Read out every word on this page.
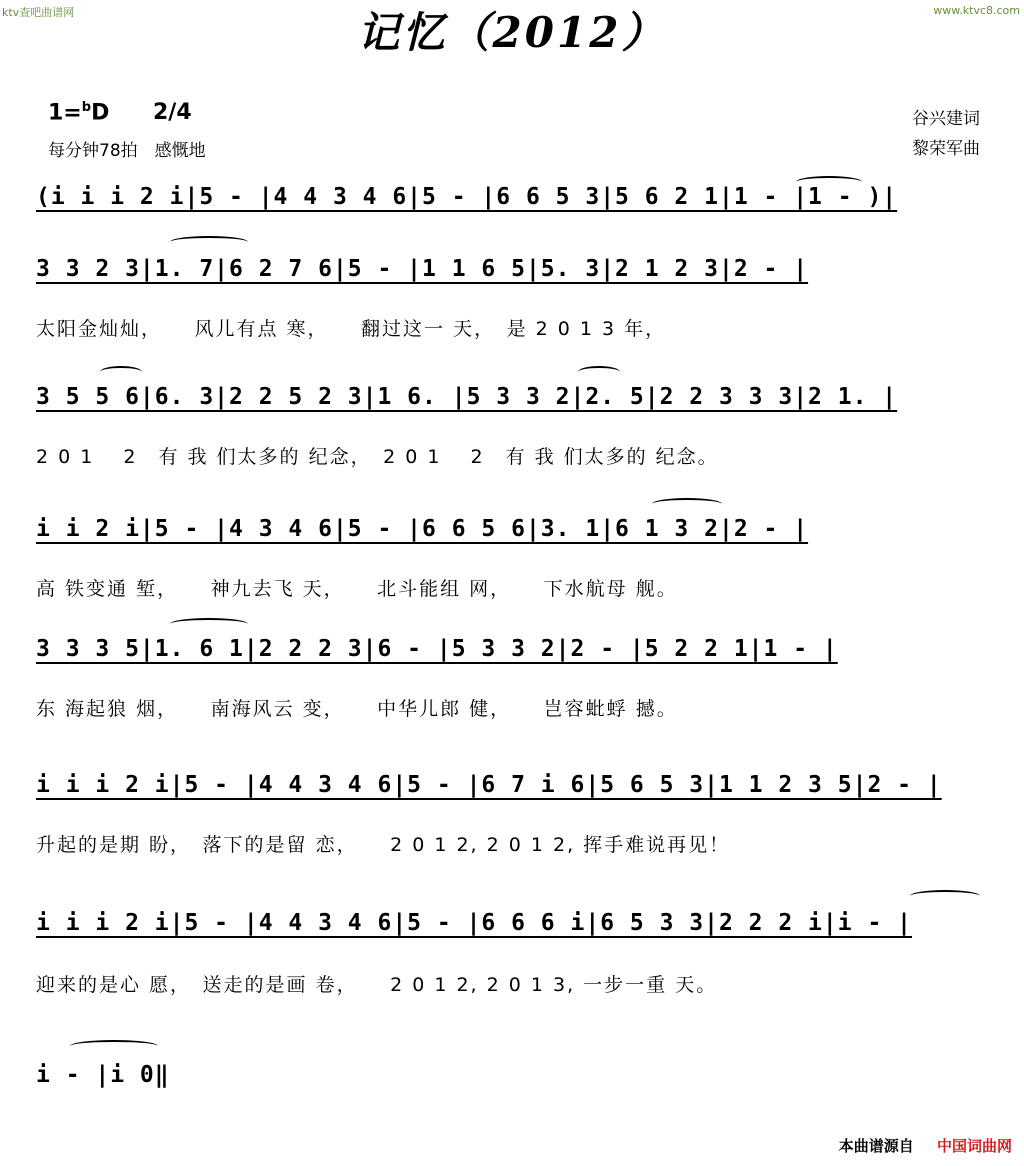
ktv查吧曲谱网	www.ktvc8.com
记忆（2012）
1=$^b$D 2/4
每分钟78拍　感慨地
谷兴建词
黎荣军曲
(i i i 2 i|5 - |4 4 3 4 6|5 - |6 6 5 3|5 6 2 1|1 - |1 - )|
3 3 2 3|1. 7|6 2 7 6|5 - |1 1 6 5|5. 3|2 1 2 3|2 - |
太阳金灿灿，　　风儿有点 寒，　　翻过这一 天，　是 2 0 1 3 年，
3 5 5 6|6. 3|2 2 5 2 3|1 6. |5 3 3 2|2. 5|2 2 3 3 3|2 1. |
2 0 1　 2　有 我 们太多的 纪念，　2 0 1　 2　有 我 们太多的 纪念。
i i 2 i|5 - |4 3 4 6|5 - |6 6 5 6|3. 1|6 1 3 2|2 - |
高 铁变通 堑，　　神九去飞 天，　　北斗能组 网，　　下水航母 舰。
3 3 3 5|1. 6 1|2 2 2 3|6 - |5 3 3 2|2 - |5 2 2 1|1 - |
东 海起狼 烟，　　南海风云 变，　　中华儿郎 健，　　岂容蚍蜉 撼。
i i i 2 i|5 - |4 4 3 4 6|5 - |6 7 i 6|5 6 5 3|1 1 2 3 5|2 - |
升起的是期 盼，　落下的是留 恋，　　2 0 1 2, 2 0 1 2, 挥手难说再见！
i i i 2 i|5 - |4 4 3 4 6|5 - |6 6 6 i|6 5 3 3|2 2 2 i|i - |
迎来的是心 愿，　送走的是画 卷，　　2 0 1 2, 2 0 1 3, 一步一重 天。
i - |i 0‖
本曲谱源自 中国词曲网
